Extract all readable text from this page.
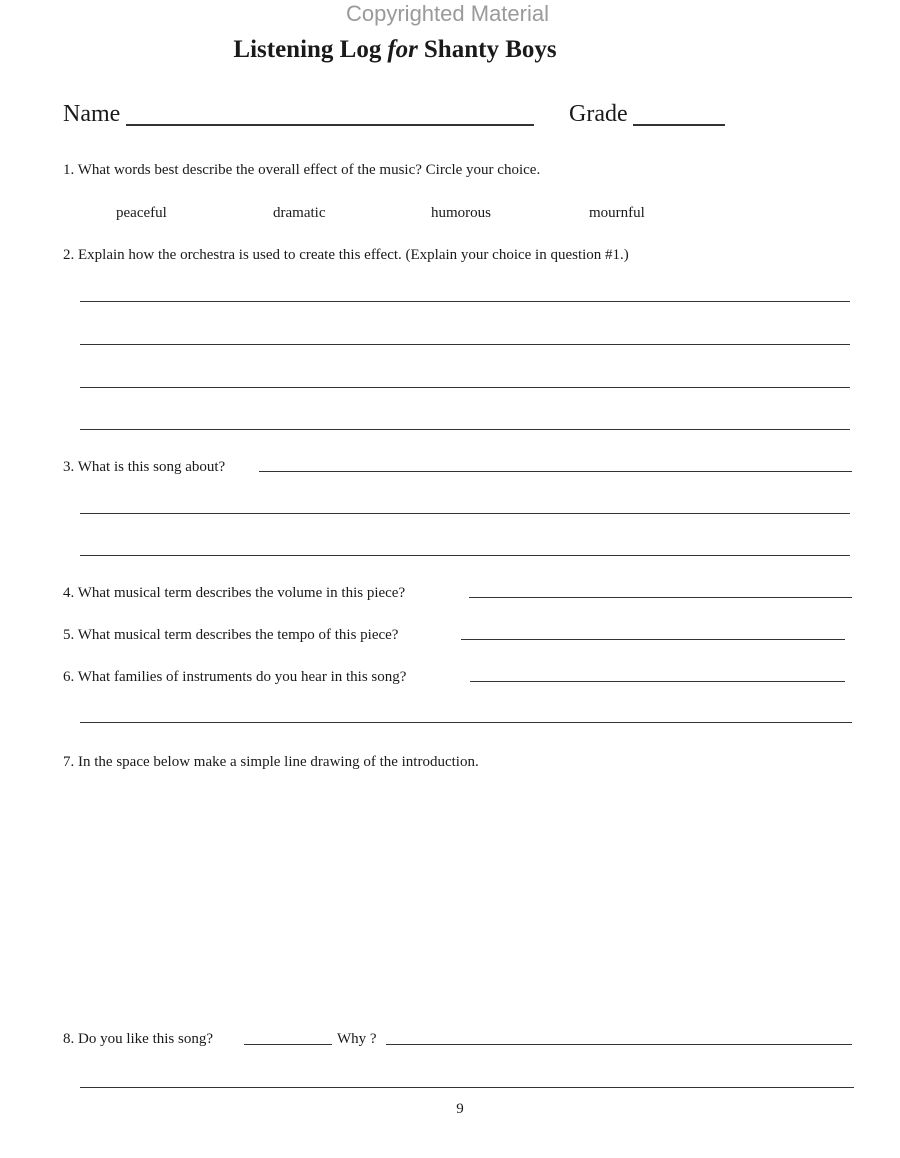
Copyrighted Material
Listening Log for Shanty Boys
Name	Grade
1. What words best describe the overall effect of the music? Circle your choice.
peaceful	dramatic	humorous	mournful
2. Explain how the orchestra is used to create this effect. (Explain your choice in question #1.)
3. What is this song about?
4. What musical term describes the volume in this piece?
5. What musical term describes the tempo of this piece?
6. What families of instruments do you hear in this song?
7. In the space below make a simple line drawing of the introduction.
8. Do you like this song?	Why ?
9
